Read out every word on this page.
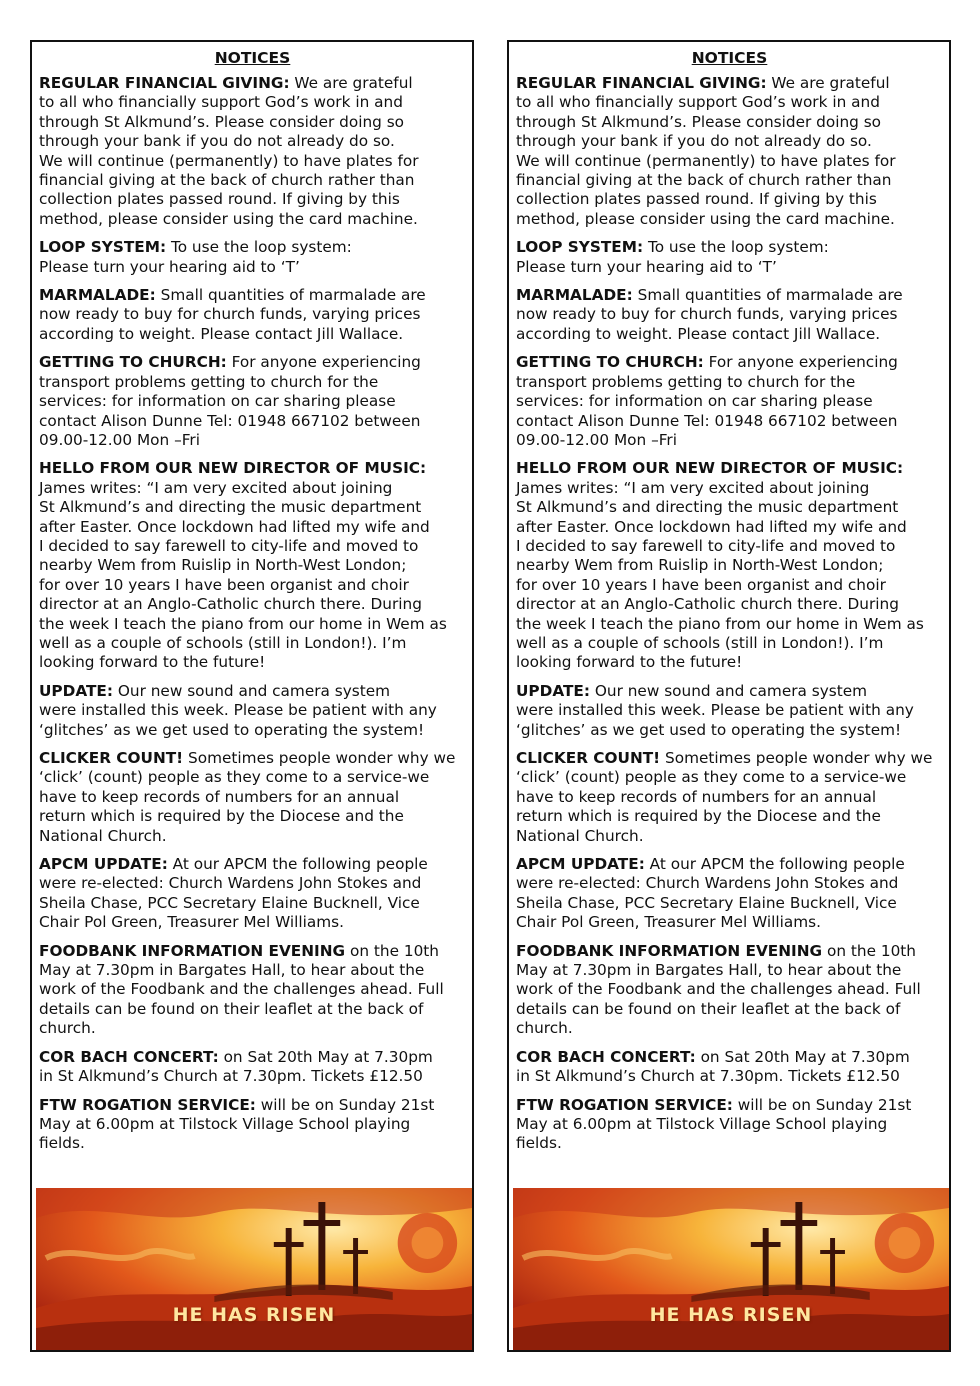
NOTICES
REGULAR FINANCIAL GIVING: We are grateful
to all who financially support God’s work in and
through St Alkmund’s. Please consider doing so
through your bank if you do not already do so.
We will continue (permanently) to have plates for
financial giving at the back of church rather than
collection plates passed round. If giving by this
method, please consider using the card machine.
LOOP SYSTEM: To use the loop system:
Please turn your hearing aid to ‘T’
MARMALADE: Small quantities of marmalade are
now ready to buy for church funds, varying prices
according to weight. Please contact Jill Wallace.
GETTING TO CHURCH: For anyone experiencing
transport problems getting to church for the
services: for information on car sharing please
contact Alison Dunne Tel: 01948 667102 between
09.00-12.00 Mon –Fri
HELLO FROM OUR NEW DIRECTOR OF MUSIC:
James writes: “I am very excited about joining
St Alkmund’s and directing the music department
after Easter. Once lockdown had lifted my wife and
I decided to say farewell to city-life and moved to
nearby Wem from Ruislip in North-West London;
for over 10 years I have been organist and choir
director at an Anglo-Catholic church there. During
the week I teach the piano from our home in Wem as
well as a couple of schools (still in London!). I’m
looking forward to the future!
UPDATE: Our new sound and camera system
were installed this week. Please be patient with any
‘glitches’ as we get used to operating the system!
CLICKER COUNT! Sometimes people wonder why we
‘click’ (count) people as they come to a service-we
have to keep records of numbers for an annual
return which is required by the Diocese and the
National Church.
APCM UPDATE: At our APCM the following people
were re-elected: Church Wardens John Stokes and
Sheila Chase, PCC Secretary Elaine Bucknell, Vice
Chair Pol Green, Treasurer Mel Williams.
FOODBANK INFORMATION EVENING on the 10th
May at 7.30pm in Bargates Hall, to hear about the
work of the Foodbank and the challenges ahead. Full
details can be found on their leaflet at the back of
church.
COR BACH CONCERT: on Sat 20th May at 7.30pm
in St Alkmund’s Church at 7.30pm. Tickets £12.50
FTW ROGATION SERVICE: will be on Sunday 21st
May at 6.00pm at Tilstock Village School playing
fields.
HE HAS RISEN
NOTICES
REGULAR FINANCIAL GIVING: We are grateful
to all who financially support God’s work in and
through St Alkmund’s. Please consider doing so
through your bank if you do not already do so.
We will continue (permanently) to have plates for
financial giving at the back of church rather than
collection plates passed round. If giving by this
method, please consider using the card machine.
LOOP SYSTEM: To use the loop system:
Please turn your hearing aid to ‘T’
MARMALADE: Small quantities of marmalade are
now ready to buy for church funds, varying prices
according to weight. Please contact Jill Wallace.
GETTING TO CHURCH: For anyone experiencing
transport problems getting to church for the
services: for information on car sharing please
contact Alison Dunne Tel: 01948 667102 between
09.00-12.00 Mon –Fri
HELLO FROM OUR NEW DIRECTOR OF MUSIC:
James writes: “I am very excited about joining
St Alkmund’s and directing the music department
after Easter. Once lockdown had lifted my wife and
I decided to say farewell to city-life and moved to
nearby Wem from Ruislip in North-West London;
for over 10 years I have been organist and choir
director at an Anglo-Catholic church there. During
the week I teach the piano from our home in Wem as
well as a couple of schools (still in London!). I’m
looking forward to the future!
UPDATE: Our new sound and camera system
were installed this week. Please be patient with any
‘glitches’ as we get used to operating the system!
CLICKER COUNT! Sometimes people wonder why we
‘click’ (count) people as they come to a service-we
have to keep records of numbers for an annual
return which is required by the Diocese and the
National Church.
APCM UPDATE: At our APCM the following people
were re-elected: Church Wardens John Stokes and
Sheila Chase, PCC Secretary Elaine Bucknell, Vice
Chair Pol Green, Treasurer Mel Williams.
FOODBANK INFORMATION EVENING on the 10th
May at 7.30pm in Bargates Hall, to hear about the
work of the Foodbank and the challenges ahead. Full
details can be found on their leaflet at the back of
church.
COR BACH CONCERT: on Sat 20th May at 7.30pm
in St Alkmund’s Church at 7.30pm. Tickets £12.50
FTW ROGATION SERVICE: will be on Sunday 21st
May at 6.00pm at Tilstock Village School playing
fields.
HE HAS RISEN
